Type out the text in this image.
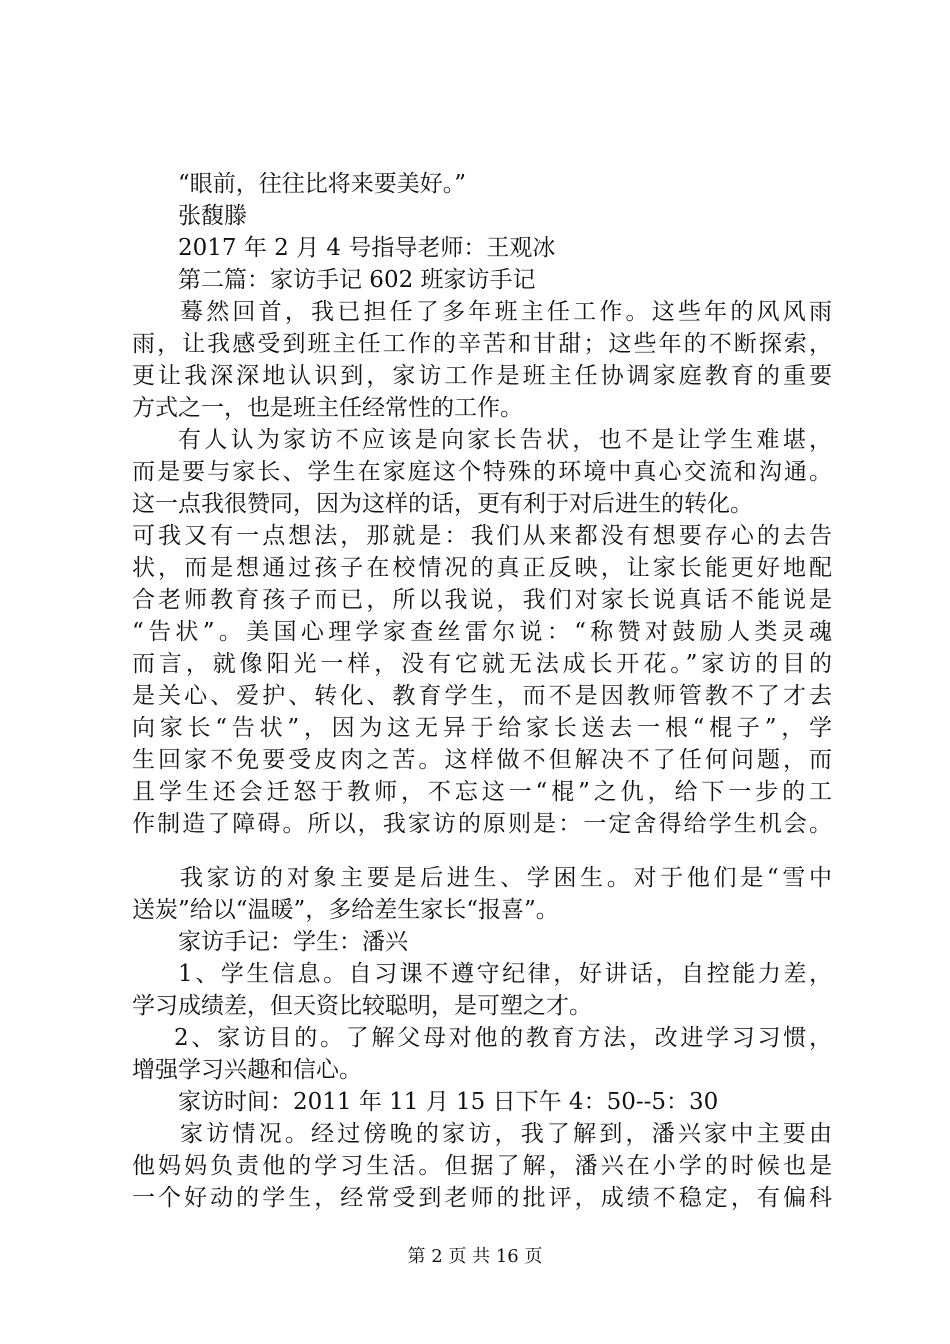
“眼前，往往比将来要美好。”
张馥滕
2017 年 2 月 4 号指导老师：王观冰
第二篇：家访手记 602 班家访手记
蓦然回首，我已担任了多年班主任工作。这些年的风风雨
雨，让我感受到班主任工作的辛苦和甘甜；这些年的不断探索，
更让我深深地认识到，家访工作是班主任协调家庭教育的重要
方式之一，也是班主任经常性的工作。
有人认为家访不应该是向家长告状，也不是让学生难堪，
而是要与家长、学生在家庭这个特殊的环境中真心交流和沟通。
这一点我很赞同，因为这样的话，更有利于对后进生的转化。
可我又有一点想法，那就是：我们从来都没有想要存心的去告
状，而是想通过孩子在校情况的真正反映，让家长能更好地配
合老师教育孩子而已，所以我说，我们对家长说真话不能说是
“告状”。美国心理学家查丝雷尔说：“称赞对鼓励人类灵魂
而言，就像阳光一样，没有它就无法成长开花。”家访的目的
是关心、爱护、转化、教育学生，而不是因教师管教不了才去
向家长“告状”，因为这无异于给家长送去一根“棍子”，学
生回家不免要受皮肉之苦。这样做不但解决不了任何问题，而
且学生还会迁怒于教师，不忘这一“棍”之仇，给下一步的工
作制造了障碍。所以，我家访的原则是：一定舍得给学生机会。
我家访的对象主要是后进生、学困生。对于他们是“雪中
送炭”给以“温暖”，多给差生家长“报喜”。
家访手记：学生：潘兴
1、学生信息。自习课不遵守纪律，好讲话，自控能力差，
学习成绩差，但天资比较聪明，是可塑之才。
2、家访目的。了解父母对他的教育方法，改进学习习惯，
增强学习兴趣和信心。
家访时间：2011 年 11 月 15 日下午 4：50--5：30
家访情况。经过傍晚的家访，我了解到，潘兴家中主要由
他妈妈负责他的学习生活。但据了解，潘兴在小学的时候也是
一个好动的学生，经常受到老师的批评，成绩不稳定，有偏科
第 2 页 共 16 页
